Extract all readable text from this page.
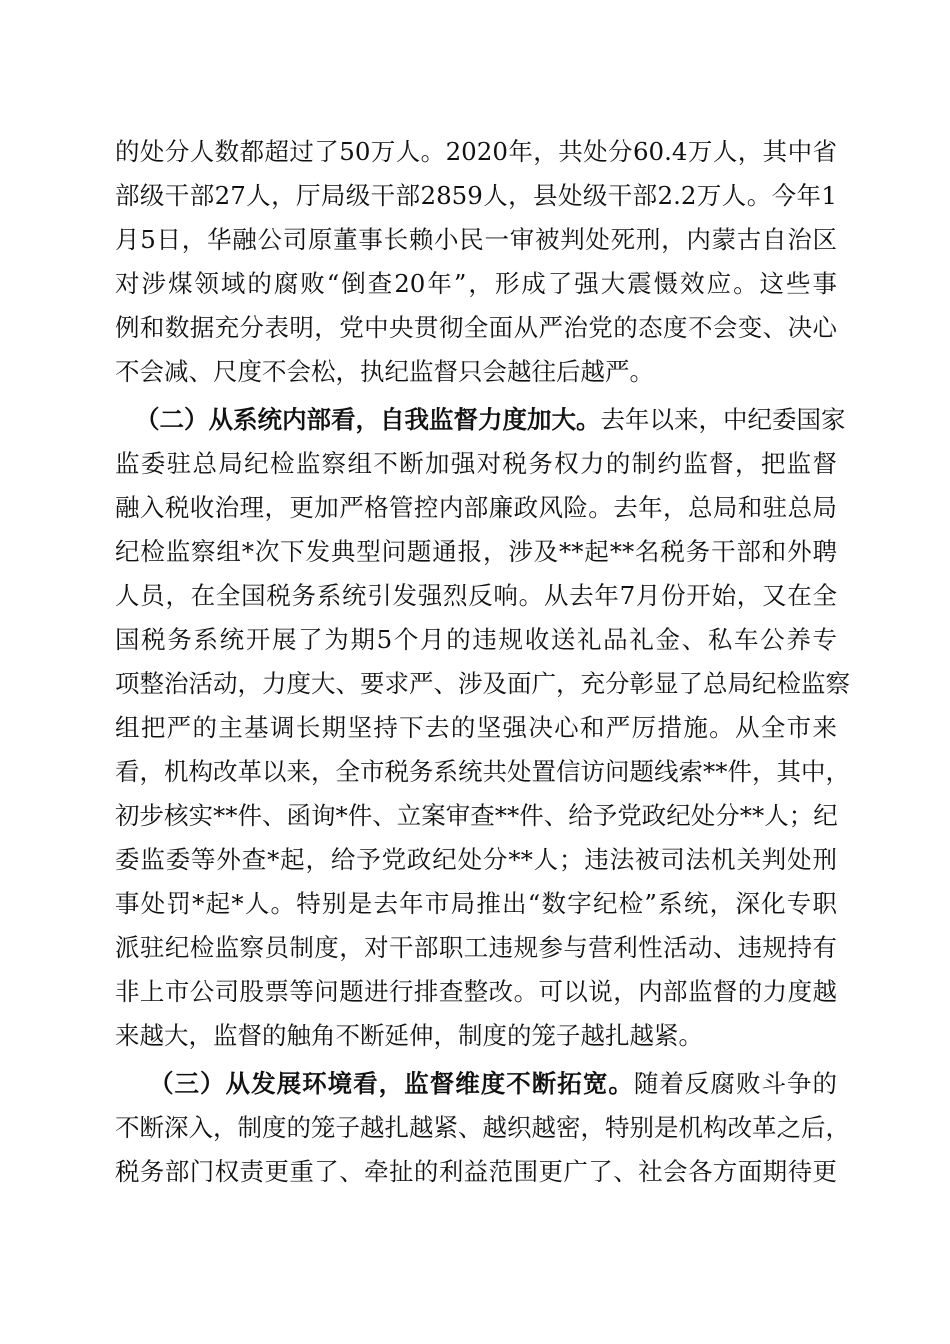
的处分人数都超过了50万人。2020年，共处分60.4万人，其中省
部级干部27人，厅局级干部2859人，县处级干部2.2万人。今年1
月5日，华融公司原董事长赖小民一审被判处死刑，内蒙古自治区
对涉煤领域的腐败“倒查20年”，形成了强大震慑效应。这些事
例和数据充分表明，党中央贯彻全面从严治党的态度不会变、决心
不会减、尺度不会松，执纪监督只会越往后越严。
（二）从系统内部看，自我监督力度加大。去年以来，中纪委国家
监委驻总局纪检监察组不断加强对税务权力的制约监督，把监督
融入税收治理，更加严格管控内部廉政风险。去年，总局和驻总局
纪检监察组*次下发典型问题通报，涉及**起**名税务干部和外聘
人员，在全国税务系统引发强烈反响。从去年7月份开始，又在全
国税务系统开展了为期5个月的违规收送礼品礼金、私车公养专
项整治活动，力度大、要求严、涉及面广，充分彰显了总局纪检监察
组把严的主基调长期坚持下去的坚强决心和严厉措施。从全市来
看，机构改革以来，全市税务系统共处置信访问题线索**件，其中，
初步核实**件、函询*件、立案审查**件、给予党政纪处分**人；纪
委监委等外查*起，给予党政纪处分**人；违法被司法机关判处刑
事处罚*起*人。特别是去年市局推出“数字纪检”系统，深化专职
派驻纪检监察员制度，对干部职工违规参与营利性活动、违规持有
非上市公司股票等问题进行排查整改。可以说，内部监督的力度越
来越大，监督的触角不断延伸，制度的笼子越扎越紧。
（三）从发展环境看，监督维度不断拓宽。随着反腐败斗争的
不断深入，制度的笼子越扎越紧、越织越密，特别是机构改革之后，
税务部门权责更重了、牵扯的利益范围更广了、社会各方面期待更
